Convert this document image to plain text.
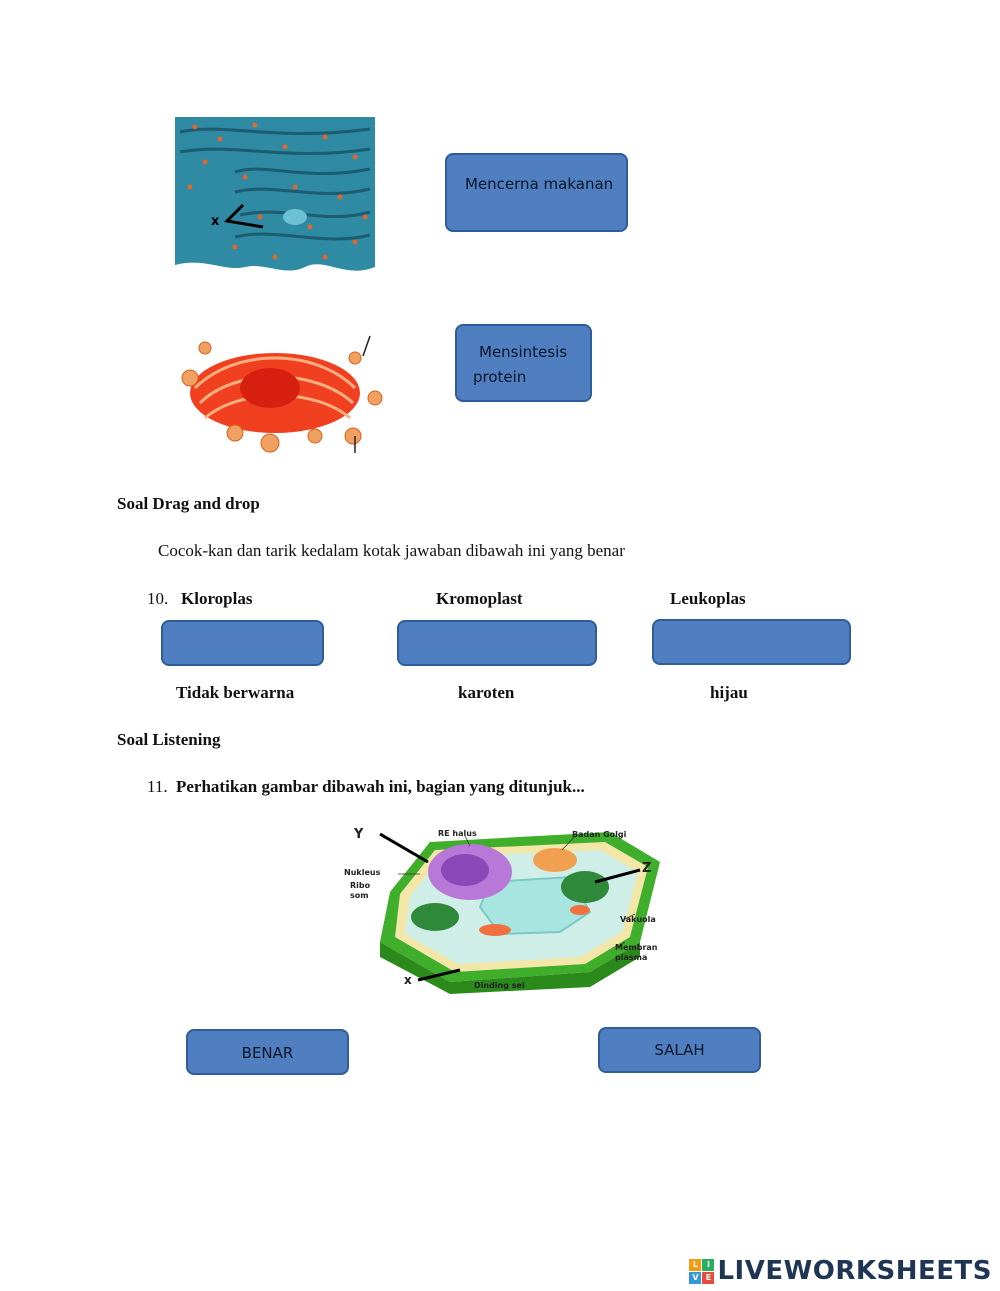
x
Mencerna makanan
Mensintesis
protein
Soal Drag and drop
Cocok-kan dan tarik kedalam kotak jawaban dibawah ini yang benar
10. Kloroplas	Kromoplast	Leukoplas
Tidak berwarna	karoten	hijau
Soal Listening
11. Perhatikan gambar dibawah ini, bagian yang ditunjuk...
Y	RE halus	Badan Golgi
Nukleus
Ribo
som
Z
Vakuola
Membran
plasma
x	Dinding sel
BENAR	SALAH
L	I
V E LIVEWORKSHEETS
